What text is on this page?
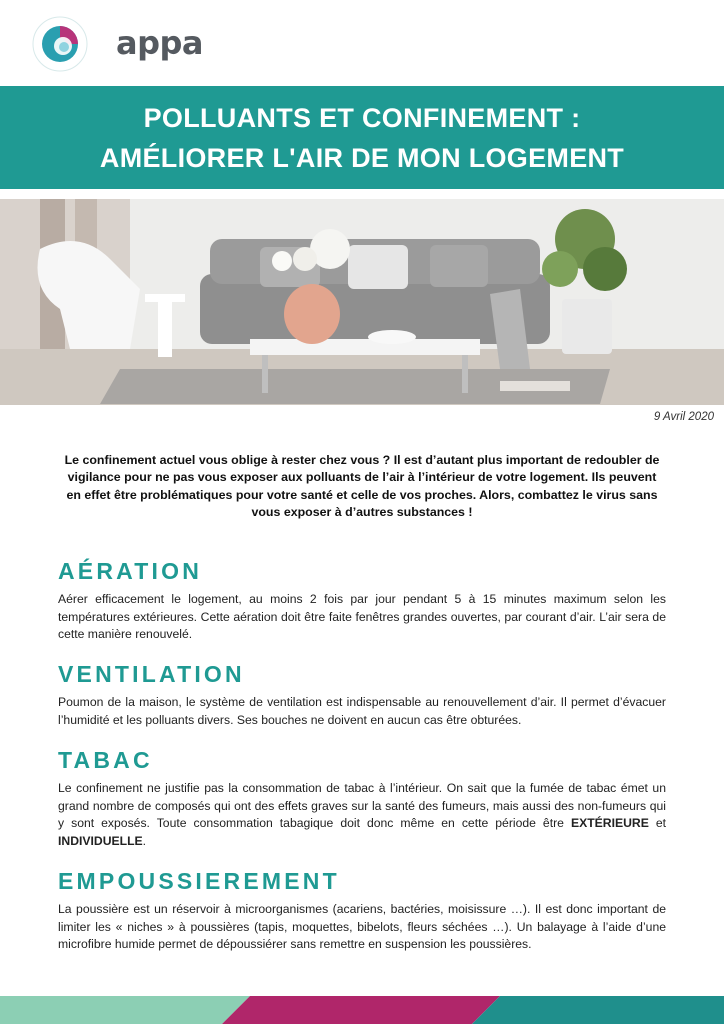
appa
POLLUANTS ET CONFINEMENT :
AMÉLIORER L'AIR DE MON LOGEMENT
9 Avril 2020
Le confinement actuel vous oblige à rester chez vous ? Il est d’autant plus important de redoubler de vigilance pour ne pas vous exposer aux polluants de l’air à l’intérieur de votre logement. Ils peuvent en effet être problématiques pour votre santé et celle de vos proches. Alors, combattez le virus sans vous exposer à d’autres substances !
AÉRATION
Aérer efficacement le logement, au moins 2 fois par jour pendant 5 à 15 minutes maximum selon les températures extérieures. Cette aération doit être faite fenêtres grandes ouvertes, par courant d’air. L’air sera de cette manière renouvelé.
VENTILATION
Poumon de la maison, le système de ventilation est indispensable au renouvellement d’air. Il permet d’évacuer l’humidité et les polluants divers. Ses bouches ne doivent en aucun cas être obturées.
TABAC
Le confinement ne justifie pas la consommation de tabac à l’intérieur. On sait que la fumée de tabac émet un grand nombre de composés qui ont des effets graves sur la santé des fumeurs, mais aussi des non-fumeurs qui y sont exposés. Toute consommation tabagique doit donc même en cette période être EXTÉRIEURE et INDIVIDUELLE.
EMPOUSSIEREMENT
La poussière est un réservoir à microorganismes (acariens, bactéries, moisissure …). Il est donc important de limiter les « niches » à poussières (tapis, moquettes, bibelots, fleurs séchées …). Un balayage à l’aide d’une microfibre humide permet de dépoussiérer sans remettre en suspension les poussières.
